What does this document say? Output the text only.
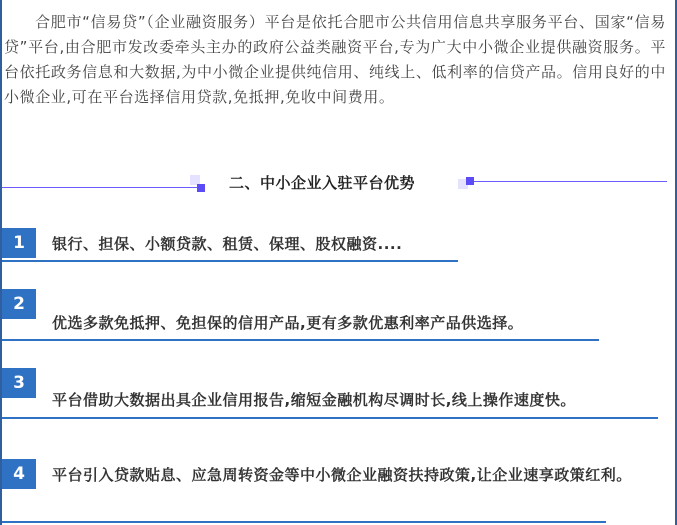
合肥市“信易贷”（企业融资服务）平台是依托合肥市公共信用信息共享服务平台、国家“信易贷”平台,由合肥市发改委牵头主办的政府公益类融资平台,专为广大中小微企业提供融资服务。平台依托政务信息和大数据,为中小微企业提供纯信用、纯线上、低利率的信贷产品。信用良好的中小微企业,可在平台选择信用贷款,免抵押,免收中间费用。

二、中小企业入驻平台优势
1	银行、担保、小额贷款、租赁、保理、股权融资....
2
优选多款免抵押、免担保的信用产品,更有多款优惠利率产品供选择。
3
平台借助大数据出具企业信用报告,缩短金融机构尽调时长,线上操作速度快。
4	平台引入贷款贴息、应急周转资金等中小微企业融资扶持政策,让企业速享政策红利。
